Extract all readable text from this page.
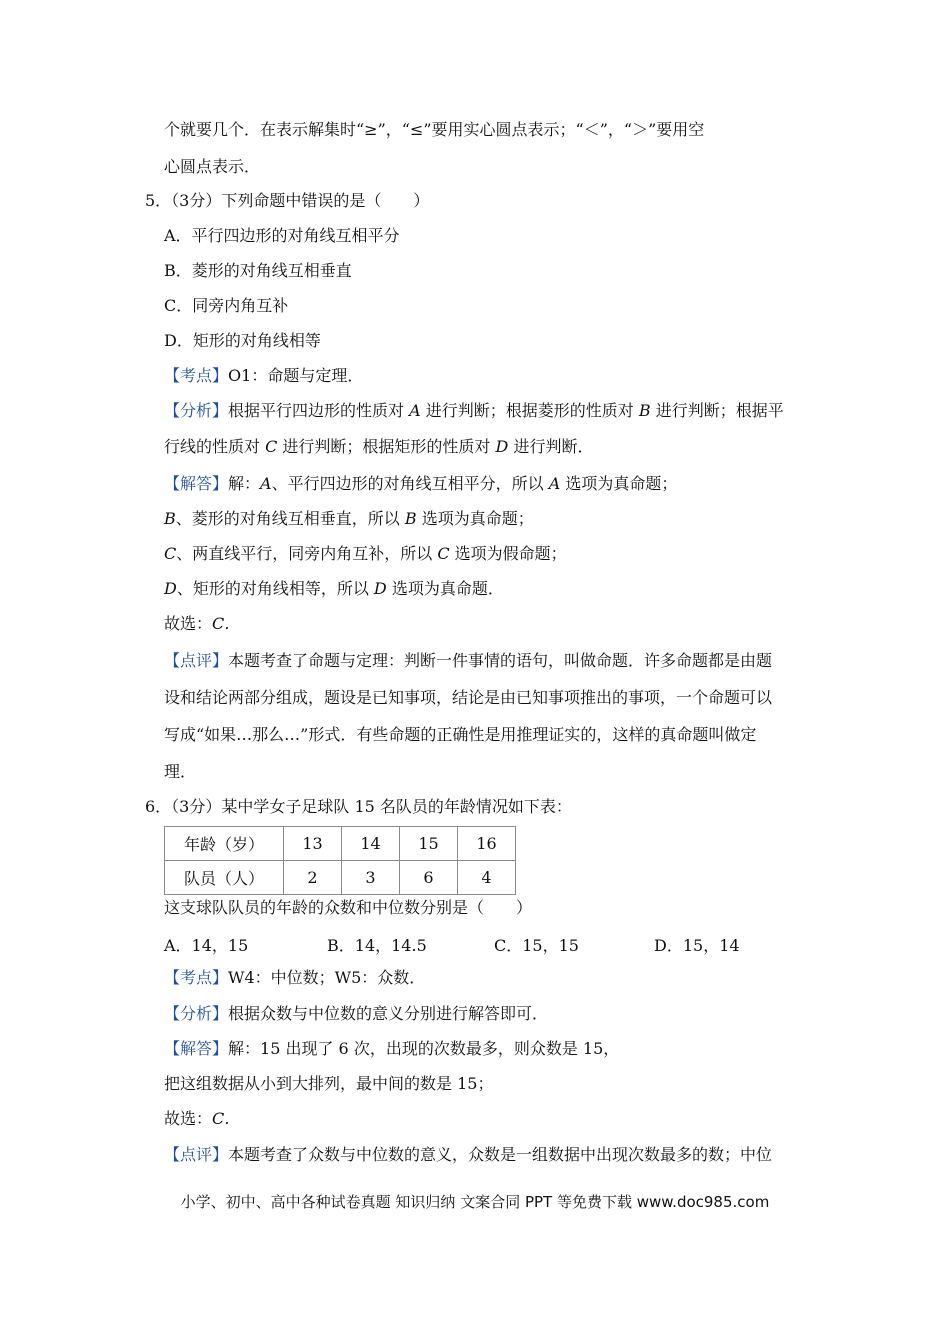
个就要几个．在表示解集时“≥”，“≤”要用实心圆点表示；“＜”，“＞”要用空
心圆点表示．
5．（3分）下列命题中错误的是（　　）
A．平行四边形的对角线互相平分
B．菱形的对角线互相垂直
C．同旁内角互补
D．矩形的对角线相等
【考点】O1：命题与定理．
【分析】根据平行四边形的性质对 A 进行判断；根据菱形的性质对 B 进行判断；根据平
行线的性质对 C 进行判断；根据矩形的性质对 D 进行判断．
【解答】解：A、平行四边形的对角线互相平分，所以 A 选项为真命题；
B、菱形的对角线互相垂直，所以 B 选项为真命题；
C、两直线平行，同旁内角互补，所以 C 选项为假命题；
D、矩形的对角线相等，所以 D 选项为真命题．
故选：C．
【点评】本题考查了命题与定理：判断一件事情的语句，叫做命题．许多命题都是由题
设和结论两部分组成，题设是已知事项，结论是由已知事项推出的事项，一个命题可以
写成“如果…那么…”形式．有些命题的正确性是用推理证实的，这样的真命题叫做定
理．
6．（3分）某中学女子足球队 15 名队员的年龄情况如下表：
年龄（岁）	13	14	15	16
队员（人）	2	3	6	4
这支球队队员的年龄的众数和中位数分别是（　　）
A．14，15	B．14，14.5	C．15，15	D．15，14
【考点】W4：中位数；W5：众数．
【分析】根据众数与中位数的意义分别进行解答即可．
【解答】解：15 出现了 6 次，出现的次数最多，则众数是 15，
把这组数据从小到大排列，最中间的数是 15；
故选：C．
【点评】本题考查了众数与中位数的意义，众数是一组数据中出现次数最多的数；中位
小学、初中、高中各种试卷真题 知识归纳 文案合同 PPT 等免费下载 www.doc985.com
